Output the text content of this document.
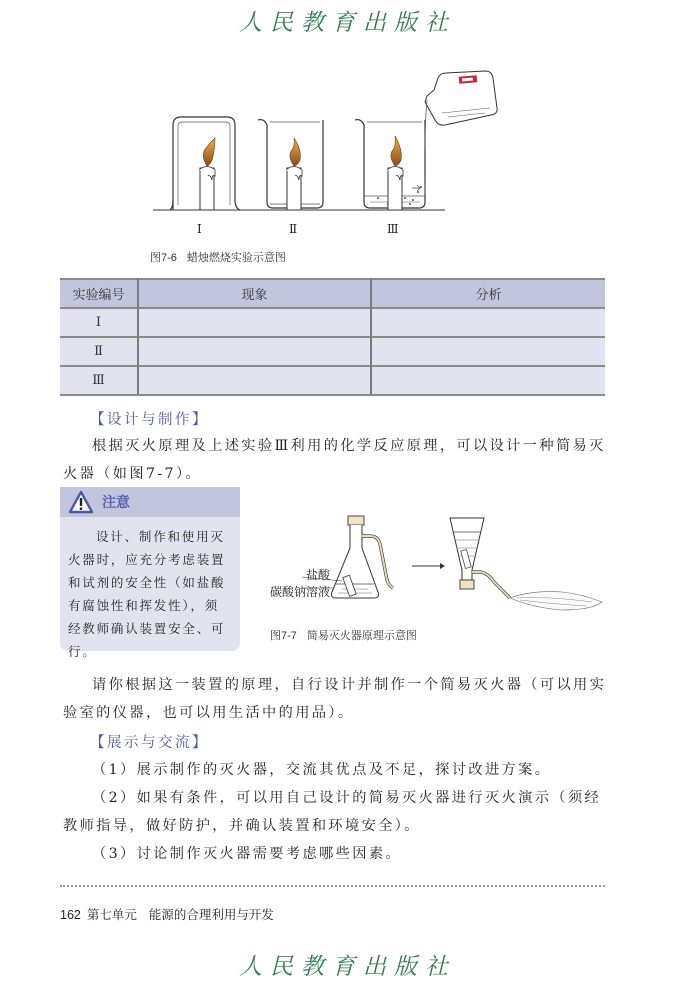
人民教育出版社
Ⅰ	Ⅱ	Ⅲ
图7-6 蜡烛燃烧实验示意图
实验编号	现象	分析
Ⅰ		
Ⅱ		
Ⅲ		
【设计与制作】
根据灭火原理及上述实验Ⅲ利用的化学反应原理，可以设计一种简易灭火器（如图7-7）。
注意
设计、制作和使用灭火器时，应充分考虑装置和试剂的安全性（如盐酸有腐蚀性和挥发性），须经教师确认装置安全、可行。
盐酸
碳酸钠溶液
图7-7 简易灭火器原理示意图
请你根据这一装置的原理，自行设计并制作一个简易灭火器（可以用实验室的仪器，也可以用生活中的用品）。
【展示与交流】
（1）展示制作的灭火器，交流其优点及不足，探讨改进方案。
（2）如果有条件，可以用自己设计的简易灭火器进行灭火演示（须经教师指导，做好防护，并确认装置和环境安全）。
（3）讨论制作灭火器需要考虑哪些因素。
162 第七单元 能源的合理利用与开发
人民教育出版社
